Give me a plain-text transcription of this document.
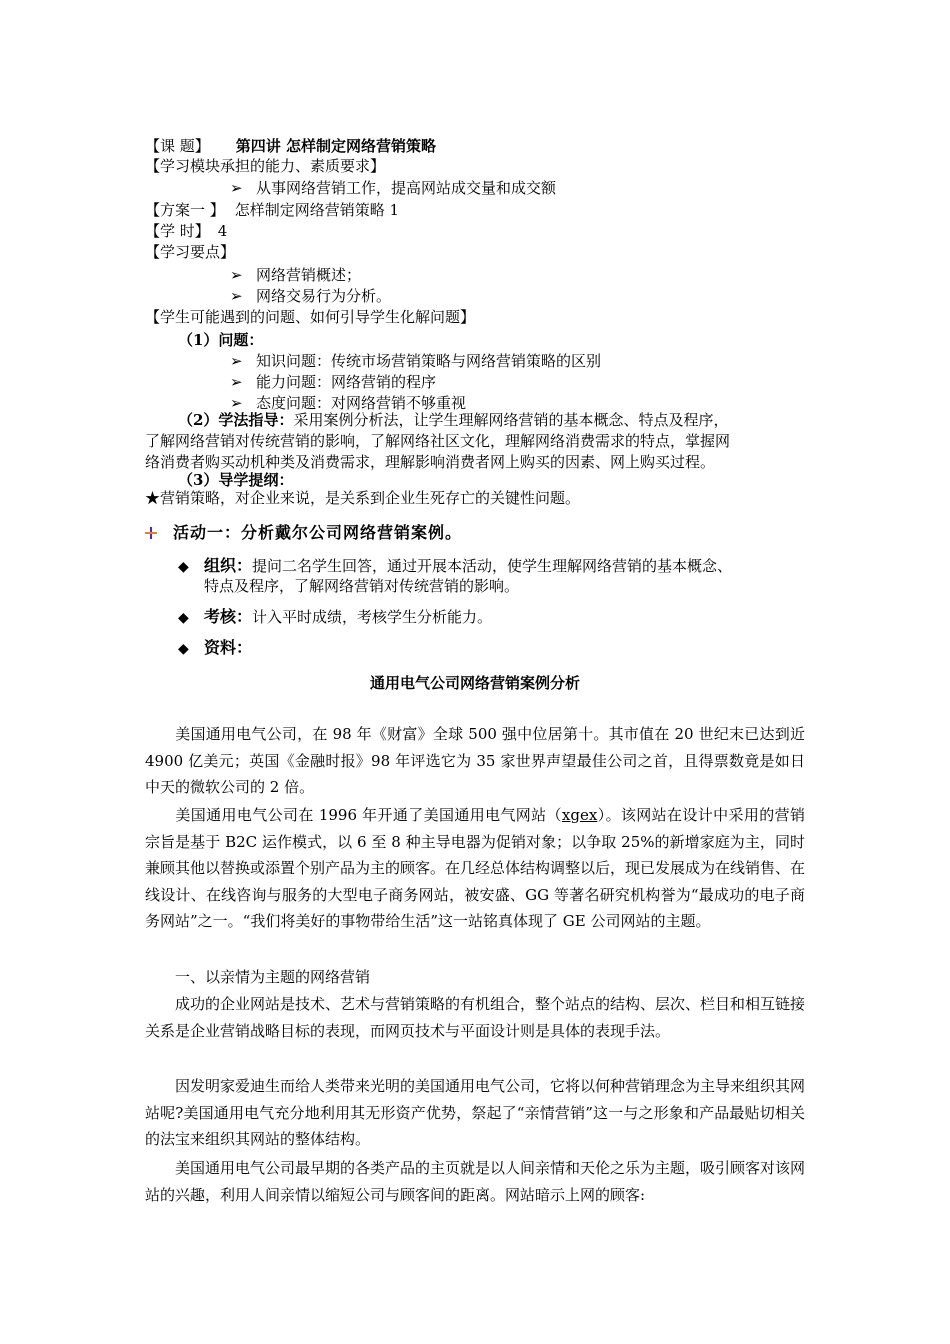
【课 题】 第四讲 怎样制定网络营销策略
【学习模块承担的能力、素质要求】
➢ 从事网络营销工作，提高网站成交量和成交额
【方案一 】 怎样制定网络营销策略 1
【学 时】 4
【学习要点】
➢ 网络营销概述；
➢ 网络交易行为分析。
【学生可能遇到的问题、如何引导学生化解问题】
（1）问题：
➢ 知识问题：传统市场营销策略与网络营销策略的区别
➢ 能力问题：网络营销的程序
➢ 态度问题：对网络营销不够重视
（2）学法指导：采用案例分析法，让学生理解网络营销的基本概念、特点及程序，
了解网络营销对传统营销的影响，了解网络社区文化，理解网络消费需求的特点，掌握网
络消费者购买动机种类及消费需求，理解影响消费者网上购买的因素、网上购买过程。
（3）导学提纲：
★营销策略，对企业来说，是关系到企业生死存亡的关键性问题。
活动一：分析戴尔公司网络营销案例。
◆ 组织：提问二名学生回答，通过开展本活动，使学生理解网络营销的基本概念、
特点及程序，了解网络营销对传统营销的影响。
◆ 考核：计入平时成绩，考核学生分析能力。
◆ 资料：
通用电气公司网络营销案例分析

美国通用电气公司，在 98 年《财富》全球 500 强中位居第十。其市值在 20 世纪末已达到近 4900 亿美元；英国《金融时报》98 年评选它为 35 家世界声望最佳公司之首，且得票数竟是如日中天的微软公司的 2 倍。

美国通用电气公司在 1996 年开通了美国通用电气网站（xgex）。该网站在设计中采用的营销宗旨是基于 B2C 运作模式，以 6 至 8 种主导电器为促销对象；以争取 25%的新增家庭为主，同时兼顾其他以替换或添置个别产品为主的顾客。在几经总体结构调整以后，现已发展成为在线销售、在线设计、在线咨询与服务的大型电子商务网站，被安盛、GG 等著名研究机构誉为“最成功的电子商务网站”之一。“我们将美好的事物带给生活”这一站铭真体现了 GE 公司网站的主题。

一、以亲情为主题的网络营销

成功的企业网站是技术、艺术与营销策略的有机组合，整个站点的结构、层次、栏目和相互链接关系是企业营销战略目标的表现，而网页技术与平面设计则是具体的表现手法。

因发明家爱迪生而给人类带来光明的美国通用电气公司，它将以何种营销理念为主导来组织其网站呢?美国通用电气充分地利用其无形资产优势，祭起了“亲情营销”这一与之形象和产品最贴切相关的法宝来组织其网站的整体结构。

美国通用电气公司最早期的各类产品的主页就是以人间亲情和天伦之乐为主题，吸引顾客对该网站的兴趣，利用人间亲情以缩短公司与顾客间的距离。网站暗示上网的顾客:
